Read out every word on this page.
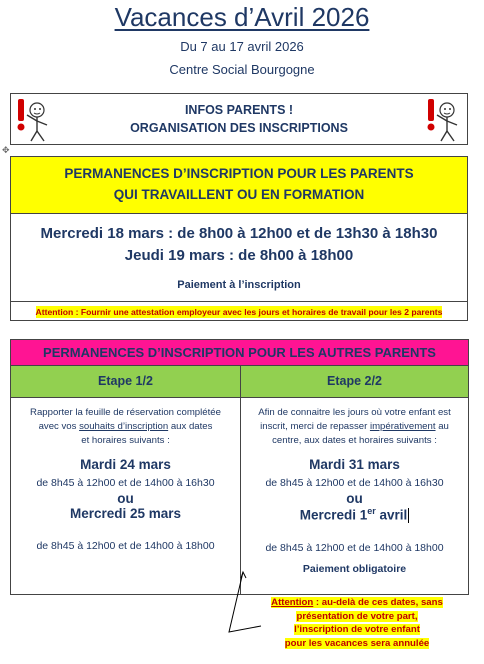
Vacances d’Avril 2026
Du 7 au 17 avril 2026
Centre Social Bourgogne
INFOS PARENTS !
ORGANISATION DES INSCRIPTIONS
✥
PERMANENCES D’INSCRIPTION POUR LES PARENTS
QUI TRAVAILLENT OU EN FORMATION
Mercredi 18 mars : de 8h00 à 12h00 et de 13h30 à 18h30
Jeudi 19 mars : de 8h00 à 18h00
Paiement à l’inscription
Attention : Fournir une attestation employeur avec les jours et horaires de travail pour les 2 parents
PERMANENCES D’INSCRIPTION POUR LES AUTRES PARENTS
Etape 1/2	Etape 2/2
Rapporter la feuille de réservation complétée
avec vos souhaits d’inscription aux dates
et horaires suivants :
Mardi 24 mars
de 8h45 à 12h00 et de 14h00 à 16h30
ou
Mercredi 25 mars
de 8h45 à 12h00 et de 14h00 à 18h00
Afin de connaitre les jours où votre enfant est
inscrit, merci de repasser impérativement au
centre, aux dates et horaires suivants :
Mardi 31 mars
de 8h45 à 12h00 et de 14h00 à 16h30
ou
Mercredi 1er avril
de 8h45 à 12h00 et de 14h00 à 18h00
Paiement obligatoire
Attention : au-delà de ces dates, sans
présentation de votre part,
l’inscription de votre enfant
pour les vacances sera annulée
